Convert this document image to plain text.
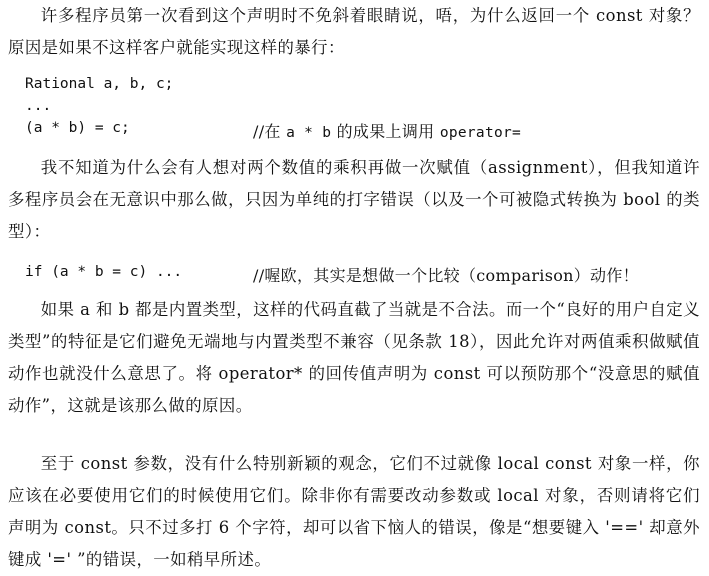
许多程序员第一次看到这个声明时不免斜着眼睛说，唔，为什么返回一个 const 对象？原因是如果不这样客户就能实现这样的暴行：

Rational a, b, c;
...
(a * b) = c;	//在 a * b 的成果上调用 operator=

我不知道为什么会有人想对两个数值的乘积再做一次赋值（assignment），但我知道许多程序员会在无意识中那么做，只因为单纯的打字错误（以及一个可被隐式转换为 bool 的类型）：

if (a * b = c) ...	//喔欧，其实是想做一个比较（comparison）动作！

如果 a 和 b 都是内置类型，这样的代码直截了当就是不合法。而一个“良好的用户自定义类型”的特征是它们避免无端地与内置类型不兼容（见条款 18），因此允许对两值乘积做赋值动作也就没什么意思了。将 operator* 的回传值声明为 const 可以预防那个“没意思的赋值动作”，这就是该那么做的原因。

至于 const 参数，没有什么特别新颖的观念，它们不过就像 local const 对象一样，你应该在必要使用它们的时候使用它们。除非你有需要改动参数或 local 对象，否则请将它们声明为 const。只不过多打 6 个字符，却可以省下恼人的错误，像是“想要键入 '==' 却意外键成 '=' ”的错误，一如稍早所述。
